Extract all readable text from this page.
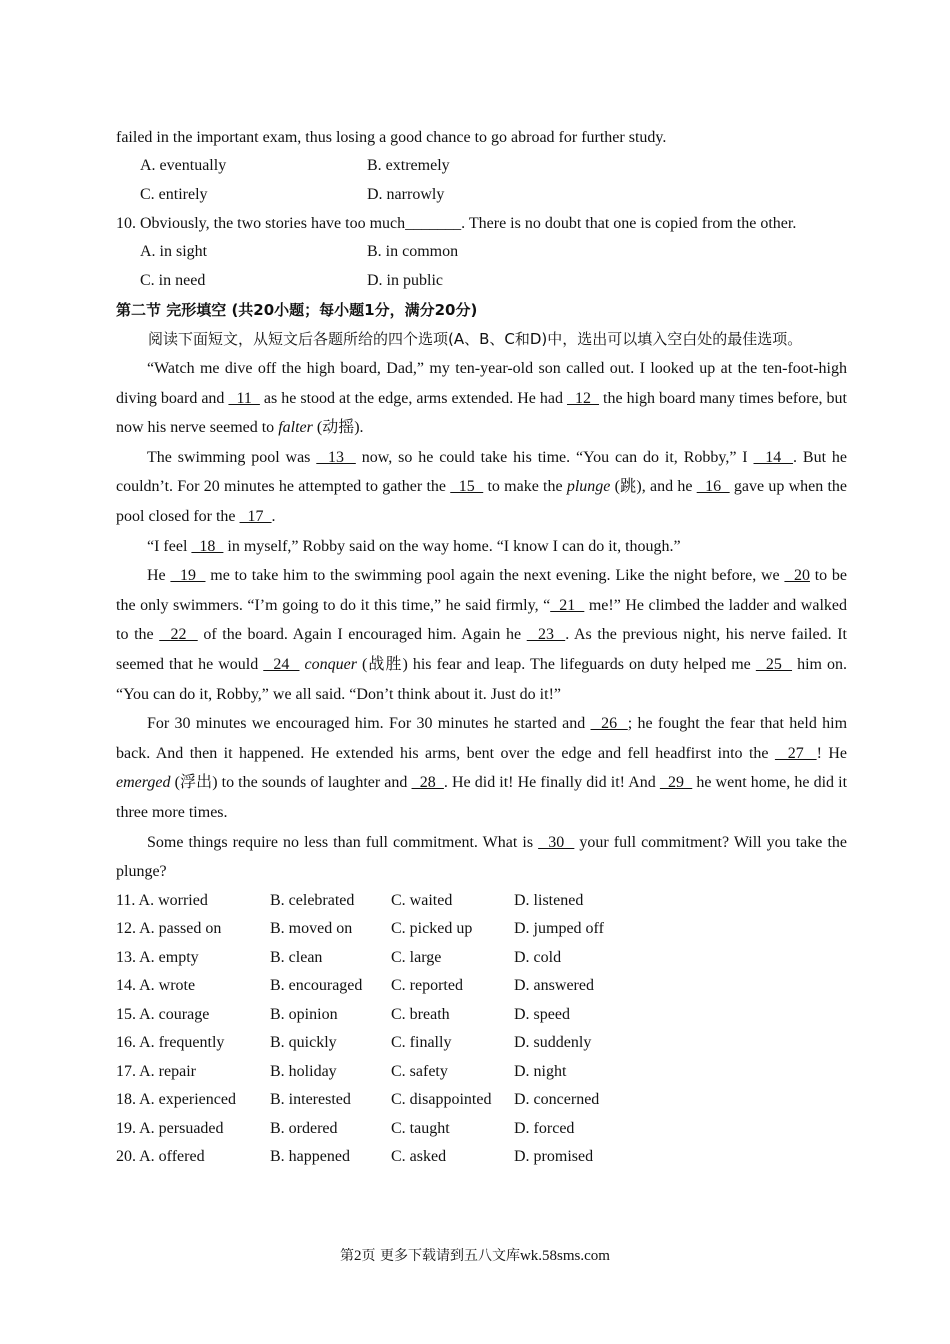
failed in the important exam, thus losing a good chance to go abroad for further study.
A. eventually	B. extremely
C. entirely	D. narrowly
10. Obviously, the two stories have too much_______. There is no doubt that one is copied from the other.
A. in sight	B. in common
C. in need	D. in public
第二节 完形填空 (共20小题；每小题1分，满分20分)
阅读下面短文，从短文后各题所给的四个选项(A、B、C和D)中，选出可以填入空白处的最佳选项。
“Watch me dive off the high board, Dad,” my ten-year-old son called out. I looked up at the ten-foot-high diving board and   11   as he stood at the edge, arms extended. He had   12   the high board many times before, but now his nerve seemed to falter (动摇).
The swimming pool was   13   now, so he could take his time. “You can do it, Robby,” I   14  . But he couldn’t. For 20 minutes he attempted to gather the   15   to make the plunge (跳), and he   16   gave up when the pool closed for the   17  .
“I feel   18   in myself,” Robby said on the way home. “I know I can do it, though.”
He   19   me to take him to the swimming pool again the next evening. Like the night before, we   20 to be the only swimmers. “I’m going to do it this time,” he said firmly, “  21   me!” He climbed the ladder and walked to the   22   of the board. Again I encouraged him. Again he   23  . As the previous night, his nerve failed. It seemed that he would   24   conquer (战胜) his fear and leap. The lifeguards on duty helped me   25   him on. “You can do it, Robby,” we all said. “Don’t think about it. Just do it!”
For 30 minutes we encouraged him. For 30 minutes he started and   26  ; he fought the fear that held him back. And then it happened. He extended his arms, bent over the edge and fell headfirst into the   27  ! He emerged (浮出) to the sounds of laughter and   28  . He did it! He finally did it! And   29   he went home, he did it three more times.
Some things require no less than full commitment. What is   30   your full commitment? Will you take the plunge?
11. A. worried	B. celebrated C. waited	D. listened
12. A. passed on	B. moved on C. picked up	D. jumped off
13. A. empty	B. clean	C. large	D. cold
14. A. wrote	B. encouraged C. reported	D. answered
15. A. courage	B. opinion	C. breath	D. speed
16. A. frequently	B. quickly	C. finally	D. suddenly
17. A. repair	B. holiday	C. safety	D. night
18. A. experienced B. interested	C. disappointed D. concerned
19. A. persuaded	B. ordered	C. taught	D. forced
20. A. offered	B. happened	C. asked	D. promised
第2页 更多下载请到五八文库wk.58sms.com
